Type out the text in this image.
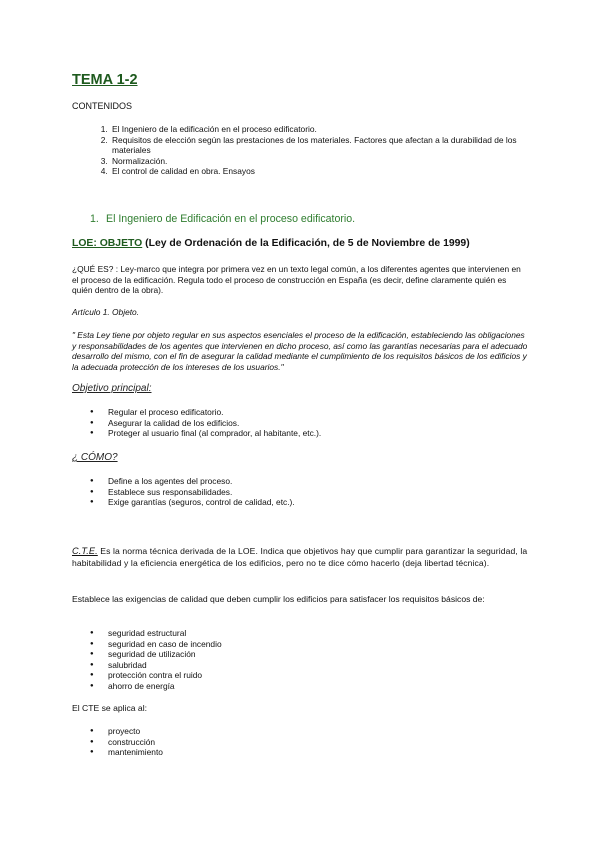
TEMA 1-2
CONTENIDOS
1. El Ingeniero de la edificación en el proceso edificatorio.
2. Requisitos de elección según las prestaciones de los materiales. Factores que afectan a la durabilidad de los materiales
3. Normalización.
4. El control de calidad en obra. Ensayos
1. El Ingeniero de Edificación en el proceso edificatorio.
LOE: OBJETO (Ley de Ordenación de la Edificación, de 5 de Noviembre de 1999)
¿QUÉ ES? : Ley-marco que integra por primera vez en un texto legal común, a los diferentes agentes que intervienen en el proceso de la edificación. Regula todo el proceso de construcción en España (es decir, define claramente quién es quién dentro de la obra).
Artículo 1. Objeto.
" Esta Ley tiene por objeto regular en sus aspectos esenciales el proceso de la edificación, estableciendo las obligaciones y responsabilidades de los agentes que intervienen en dicho proceso, así como las garantías necesarias para el adecuado desarrollo del mismo, con el fin de asegurar la calidad mediante el cumplimiento de los requisitos básicos de los edificios y la adecuada protección de los intereses de los usuarios."
Objetivo principal:
● Regular el proceso edificatorio.
● Asegurar la calidad de los edificios.
● Proteger al usuario final (al comprador, al habitante, etc.).
¿ CÓMO?
● Define a los agentes del proceso.
● Establece sus responsabilidades.
● Exige garantías (seguros, control de calidad, etc.).
C.T.E. Es la norma técnica derivada de la LOE. Indica que objetivos hay que cumplir para garantizar la seguridad, la habitabilidad y la eficiencia energética de los edificios, pero no te dice cómo hacerlo (deja libertad técnica).
Establece las exigencias de calidad que deben cumplir los edificios para satisfacer los requisitos básicos de:
● seguridad estructural
● seguridad en caso de incendio
● seguridad de utilización
● salubridad
● protección contra el ruido
● ahorro de energía
El CTE se aplica al:
● proyecto
● construcción
● mantenimiento
